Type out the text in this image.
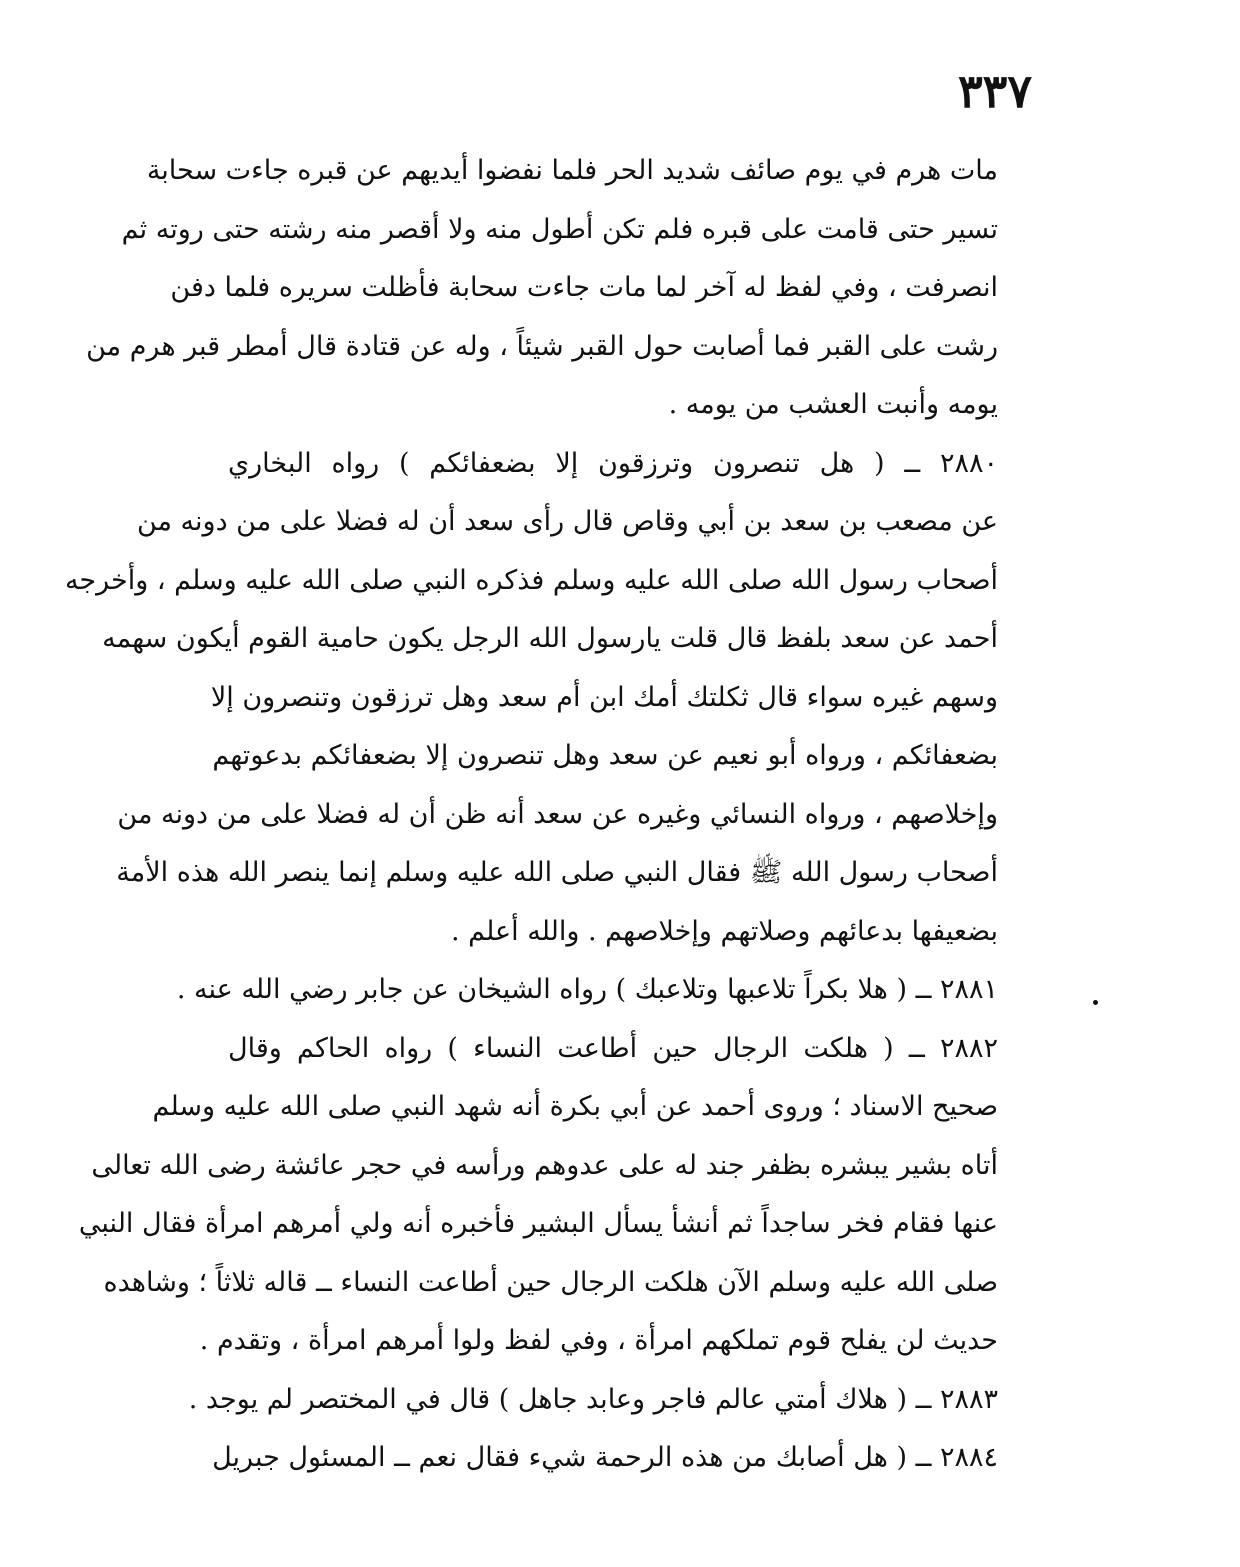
٣٣٧
مات هرم في يوم صائف شديد الحر فلما نفضوا أيديهم عن قبره جاءت سحابة
تسير حتى قامت على قبره فلم تكن أطول منه ولا أقصر منه رشته حتى روته ثم
انصرفت ، وفي لفظ له آخر لما مات جاءت سحابة فأظلت سريره فلما دفن
رشت على القبر فما أصابت حول القبر شيئاً ، وله عن قتادة قال أمطر قبر هرم من
يومه وأنبت العشب من يومه .
٢٨٨٠ ــ ( هل تنصرون وترزقون إلا بضعفائكم ) رواه البخاري
عن مصعب بن سعد بن أبي وقاص قال رأى سعد أن له فضلا على من دونه من
أصحاب رسول الله صلى الله عليه وسلم فذكره النبي صلى الله عليه وسلم ، وأخرجه
أحمد عن سعد بلفظ قال قلت يارسول الله الرجل يكون حامية القوم أيكون سهمه
وسهم غيره سواء قال ثكلتك أمك ابن أم سعد وهل ترزقون وتنصرون إلا
بضعفائكم ، ورواه أبو نعيم عن سعد وهل تنصرون إلا بضعفائكم بدعوتهم
وإخلاصهم ، ورواه النسائي وغيره عن سعد أنه ظن أن له فضلا على من دونه من
أصحاب رسول الله ﷺ فقال النبي صلى الله عليه وسلم إنما ينصر الله هذه الأمة
بضعيفها بدعائهم وصلاتهم وإخلاصهم . والله أعلم .
٢٨٨١ ــ ( هلا بكراً تلاعبها وتلاعبك ) رواه الشيخان عن جابر رضي الله عنه .
٢٨٨٢ ــ ( هلكت الرجال حين أطاعت النساء ) رواه الحاكم وقال
صحيح الاسناد ؛ وروى أحمد عن أبي بكرة أنه شهد النبي صلى الله عليه وسلم
أتاه بشير يبشره بظفر جند له على عدوهم ورأسه في حجر عائشة رضى الله تعالى
عنها فقام فخر ساجداً ثم أنشأ يسأل البشير فأخبره أنه ولي أمرهم امرأة فقال النبي
صلى الله عليه وسلم الآن هلكت الرجال حين أطاعت النساء ــ قاله ثلاثاً ؛ وشاهده
حديث لن يفلح قوم تملكهم امرأة ، وفي لفظ ولوا أمرهم امرأة ، وتقدم .
٢٨٨٣ ــ ( هلاك أمتي عالم فاجر وعابد جاهل ) قال في المختصر لم يوجد .
٢٨٨٤ ــ ( هل أصابك من هذه الرحمة شيء فقال نعم ــ المسئول جبريل
